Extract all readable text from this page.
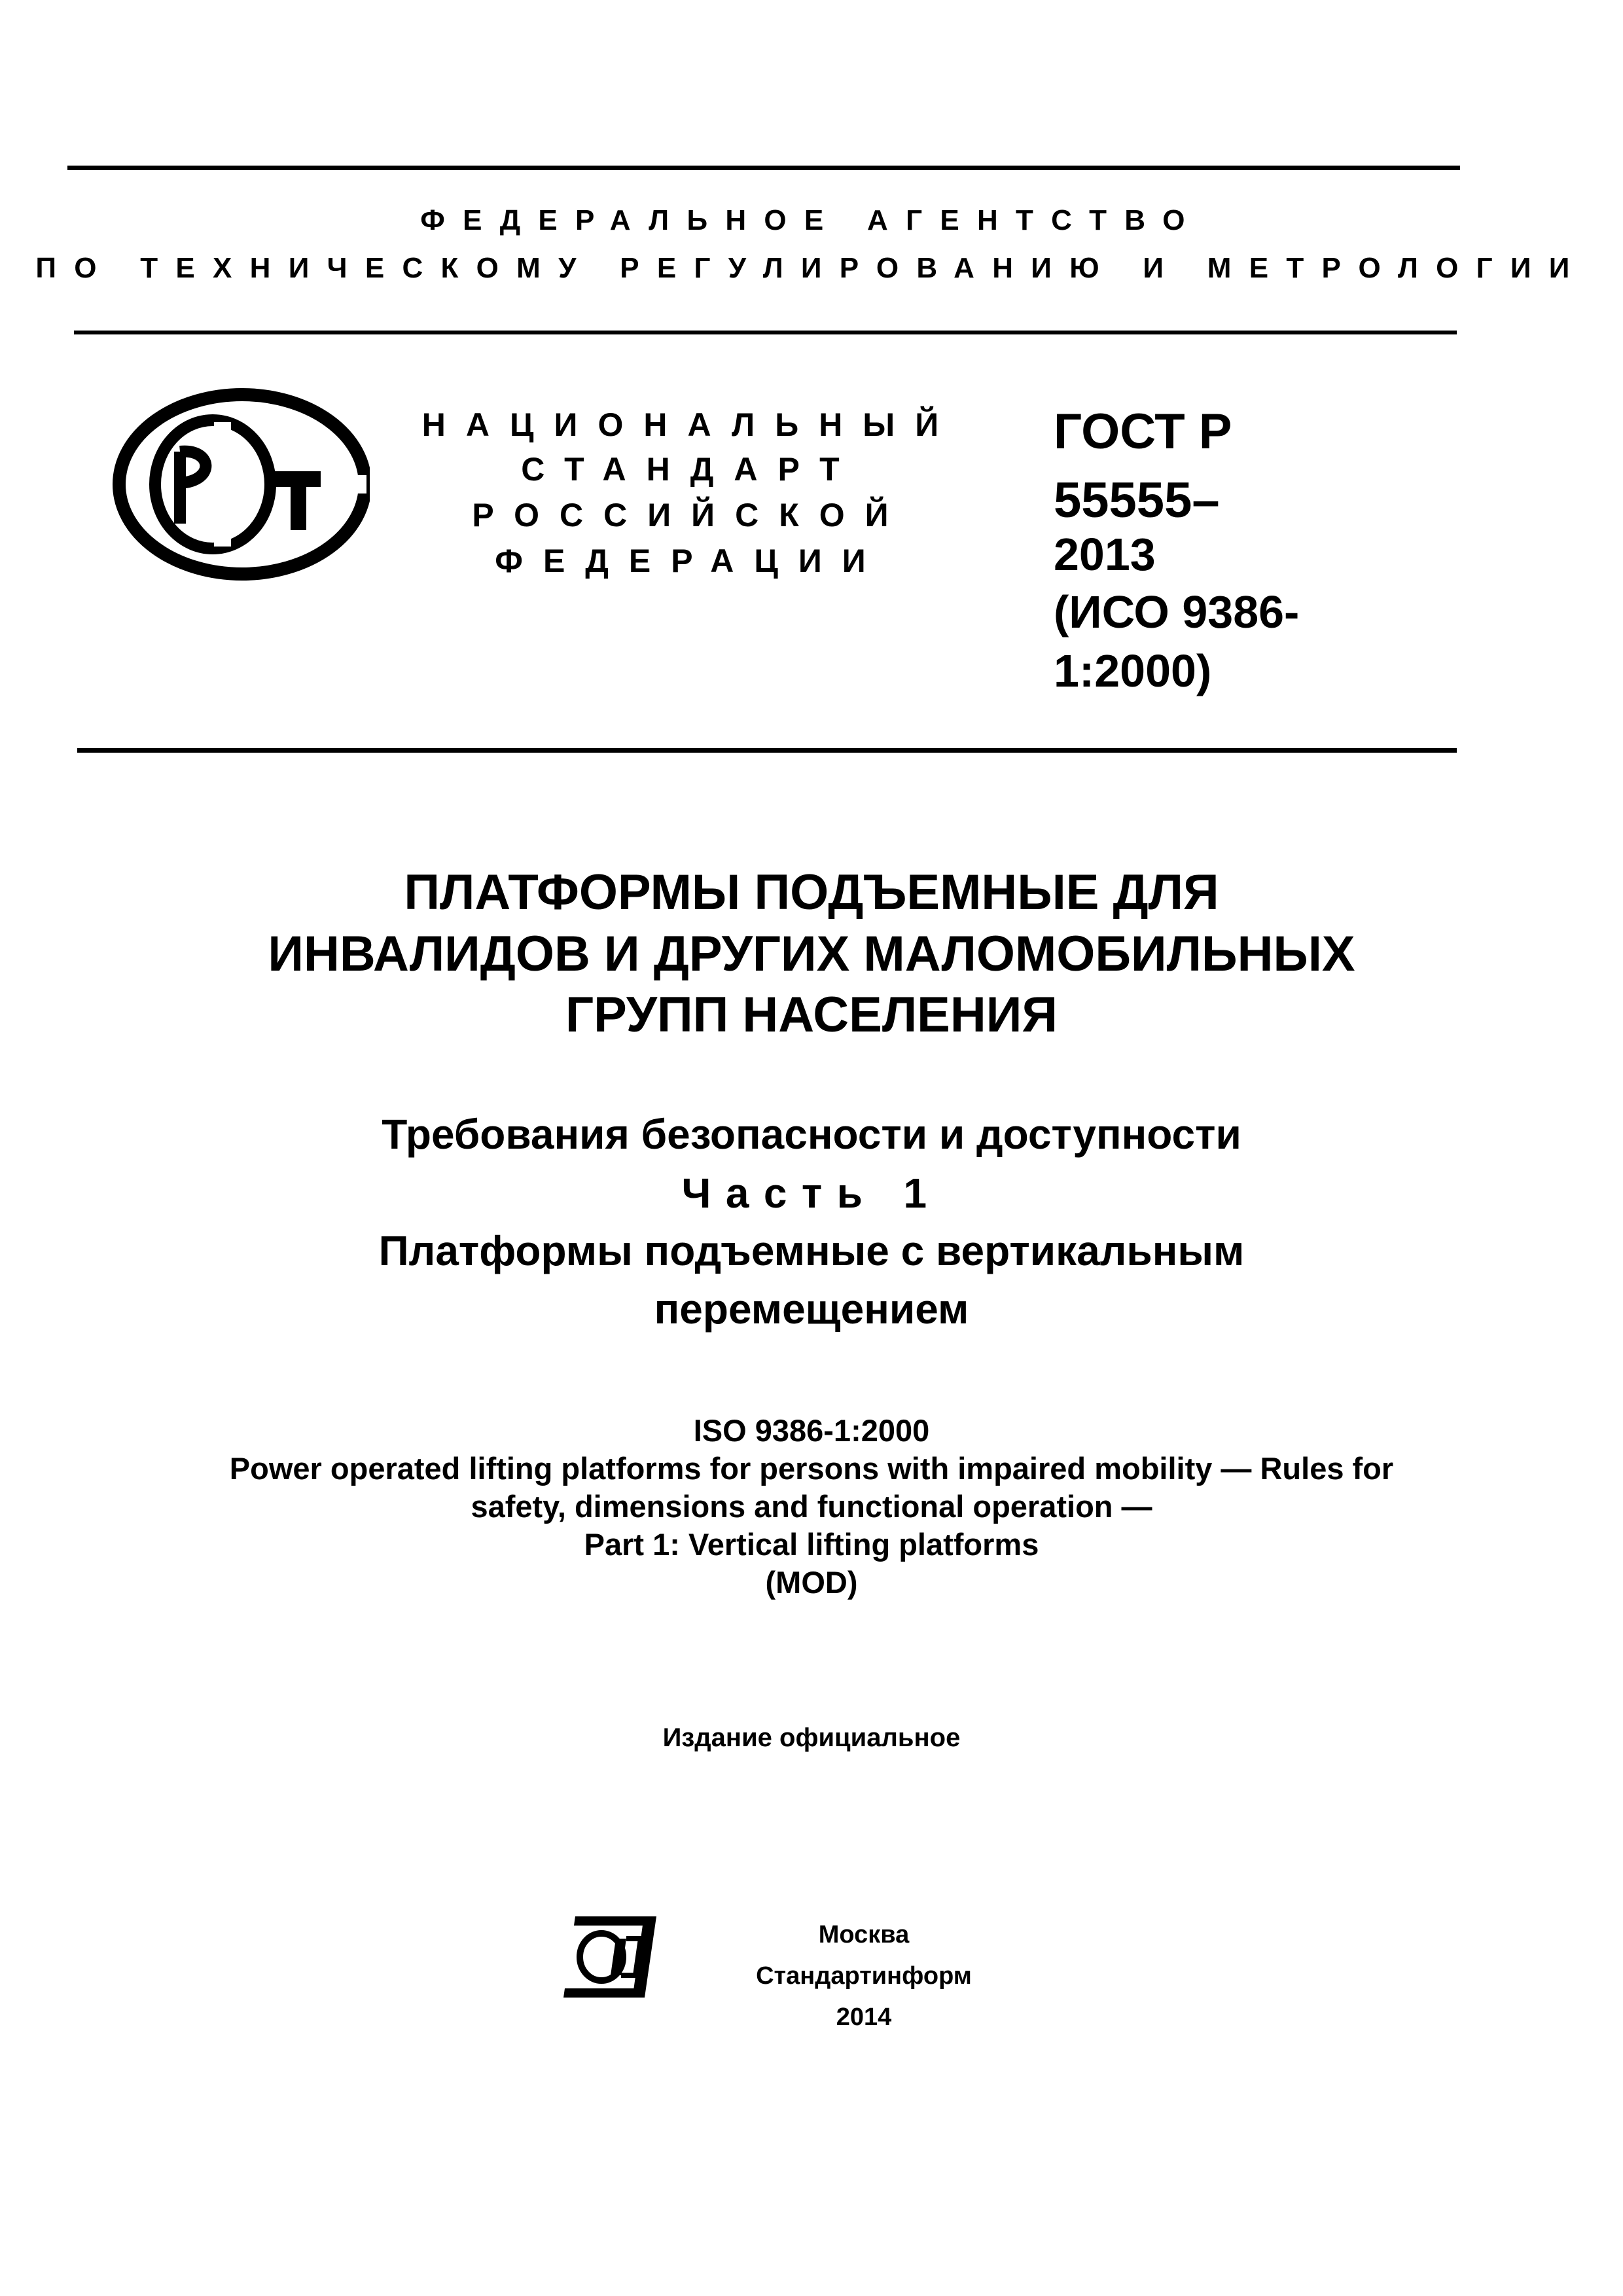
ФЕДЕРАЛЬНОЕ АГЕНТСТВО
ПО ТЕХНИЧЕСКОМУ РЕГУЛИРОВАНИЮ И МЕТРОЛОГИИ
НАЦИОНАЛЬНЫЙ
СТАНДАРТ
РОССИЙСКОЙ
ФЕДЕРАЦИИ
ГОСТ Р
55555–
2013
(ИСО 9386-
1:2000)
ПЛАТФОРМЫ ПОДЪЕМНЫЕ ДЛЯ
ИНВАЛИДОВ И ДРУГИХ МАЛОМОБИЛЬНЫХ
ГРУПП НАСЕЛЕНИЯ
Требования безопасности и доступности
Часть 1
Платформы подъемные с вертикальным
перемещением
ISO 9386-1:2000
Power operated lifting platforms for persons with impaired mobility — Rules for
safety, dimensions and functional operation —
Part 1: Vertical lifting platforms
(MOD)
Издание официальное
Москва
Стандартинформ
2014
